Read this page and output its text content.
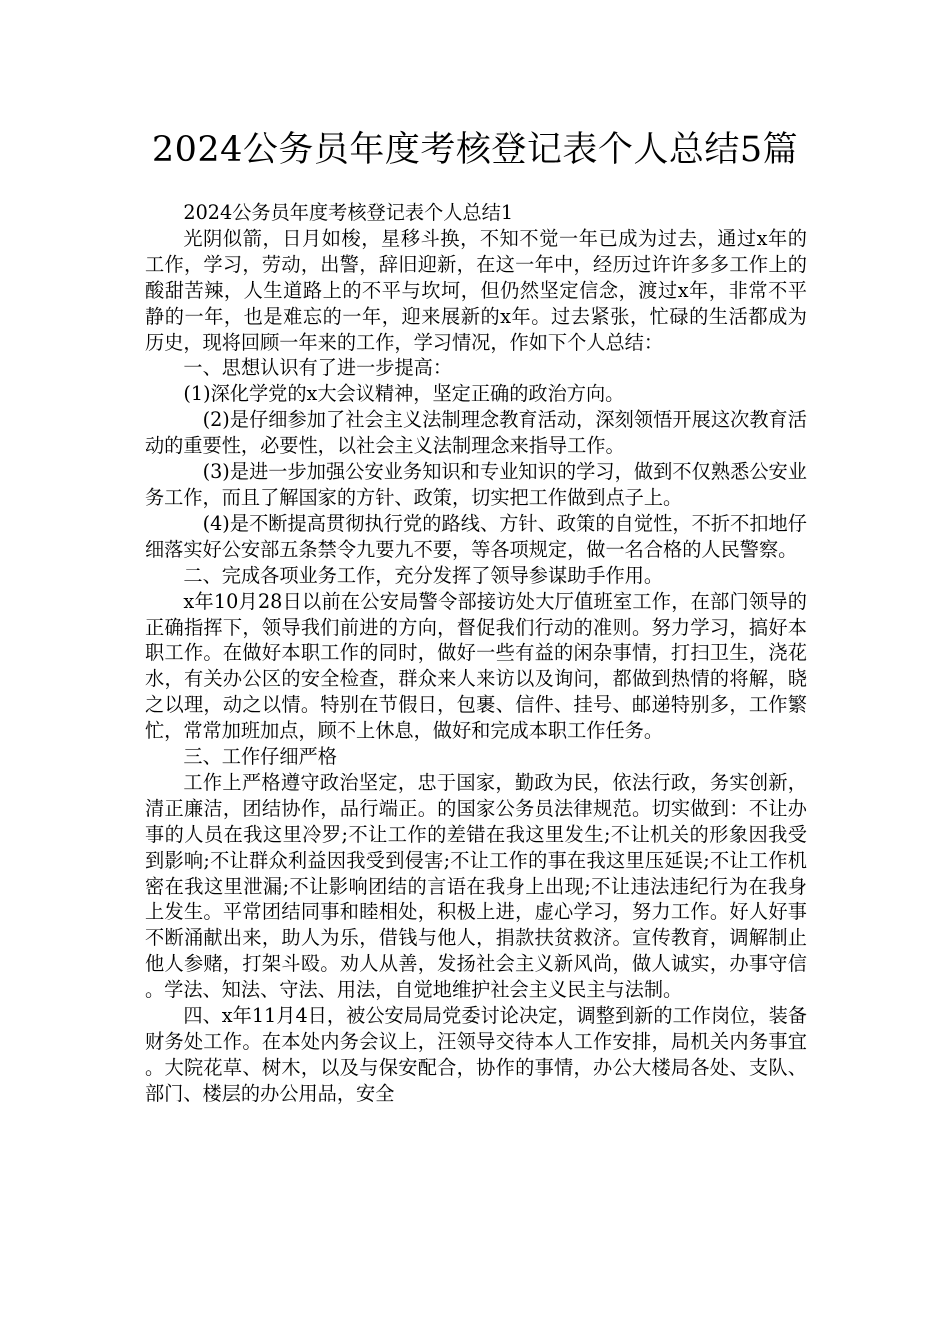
2024公务员年度考核登记表个人总结5篇

2024公务员年度考核登记表个人总结1

光阴似箭，日月如梭，星移斗换，不知不觉一年已成为过去，通过x年的工作，学习，劳动，出警，辞旧迎新，在这一年中，经历过许许多多工作上的酸甜苦辣，人生道路上的不平与坎坷，但仍然坚定信念，渡过x年，非常不平静的一年，也是难忘的一年，迎来展新的x年。过去紧张，忙碌的生活都成为历史，现将回顾一年来的工作，学习情况，作如下个人总结：

一、思想认识有了进一步提高：

(1)深化学党的x大会议精神，坚定正确的政治方向。

(2)是仔细参加了社会主义法制理念教育活动，深刻领悟开展这次教育活动的重要性，必要性，以社会主义法制理念来指导工作。

(3)是进一步加强公安业务知识和专业知识的学习，做到不仅熟悉公安业务工作，而且了解国家的方针、政策，切实把工作做到点子上。

(4)是不断提高贯彻执行党的路线、方针、政策的自觉性，不折不扣地仔细落实好公安部五条禁令九要九不要，等各项规定，做一名合格的人民警察。

二、完成各项业务工作，充分发挥了领导参谋助手作用。

x年10月28日以前在公安局警令部接访处大厅值班室工作，在部门领导的正确指挥下，领导我们前进的方向，督促我们行动的准则。努力学习，搞好本职工作。在做好本职工作的同时，做好一些有益的闲杂事情，打扫卫生，浇花水，有关办公区的安全检查，群众来人来访以及询问，都做到热情的将解，晓之以理，动之以情。特别在节假日，包裹、信件、挂号、邮递特别多，工作繁忙，常常加班加点，顾不上休息，做好和完成本职工作任务。

三、工作仔细严格

工作上严格遵守政治坚定，忠于国家，勤政为民，依法行政，务实创新，清正廉洁，团结协作，品行端正。的国家公务员法律规范。切实做到：不让办事的人员在我这里冷罗;不让工作的差错在我这里发生;不让机关的形象因我受到影响;不让群众利益因我受到侵害;不让工作的事在我这里压延误;不让工作机密在我这里泄漏;不让影响团结的言语在我身上出现;不让违法违纪行为在我身上发生。平常团结同事和睦相处，积极上进，虚心学习，努力工作。好人好事不断涌献出来，助人为乐，借钱与他人，捐款扶贫救济。宣传教育，调解制止他人参赌，打架斗殴。劝人从善，发扬社会主义新风尚，做人诚实，办事守信。学法、知法、守法、用法，自觉地维护社会主义民主与法制。

四、x年11月4日，被公安局局党委讨论决定，调整到新的工作岗位，装备财务处工作。在本处内务会议上，汪领导交待本人工作安排，局机关内务事宜。大院花草、树木，以及与保安配合，协作的事情，办公大楼局各处、支队、部门、楼层的办公用品，安全
